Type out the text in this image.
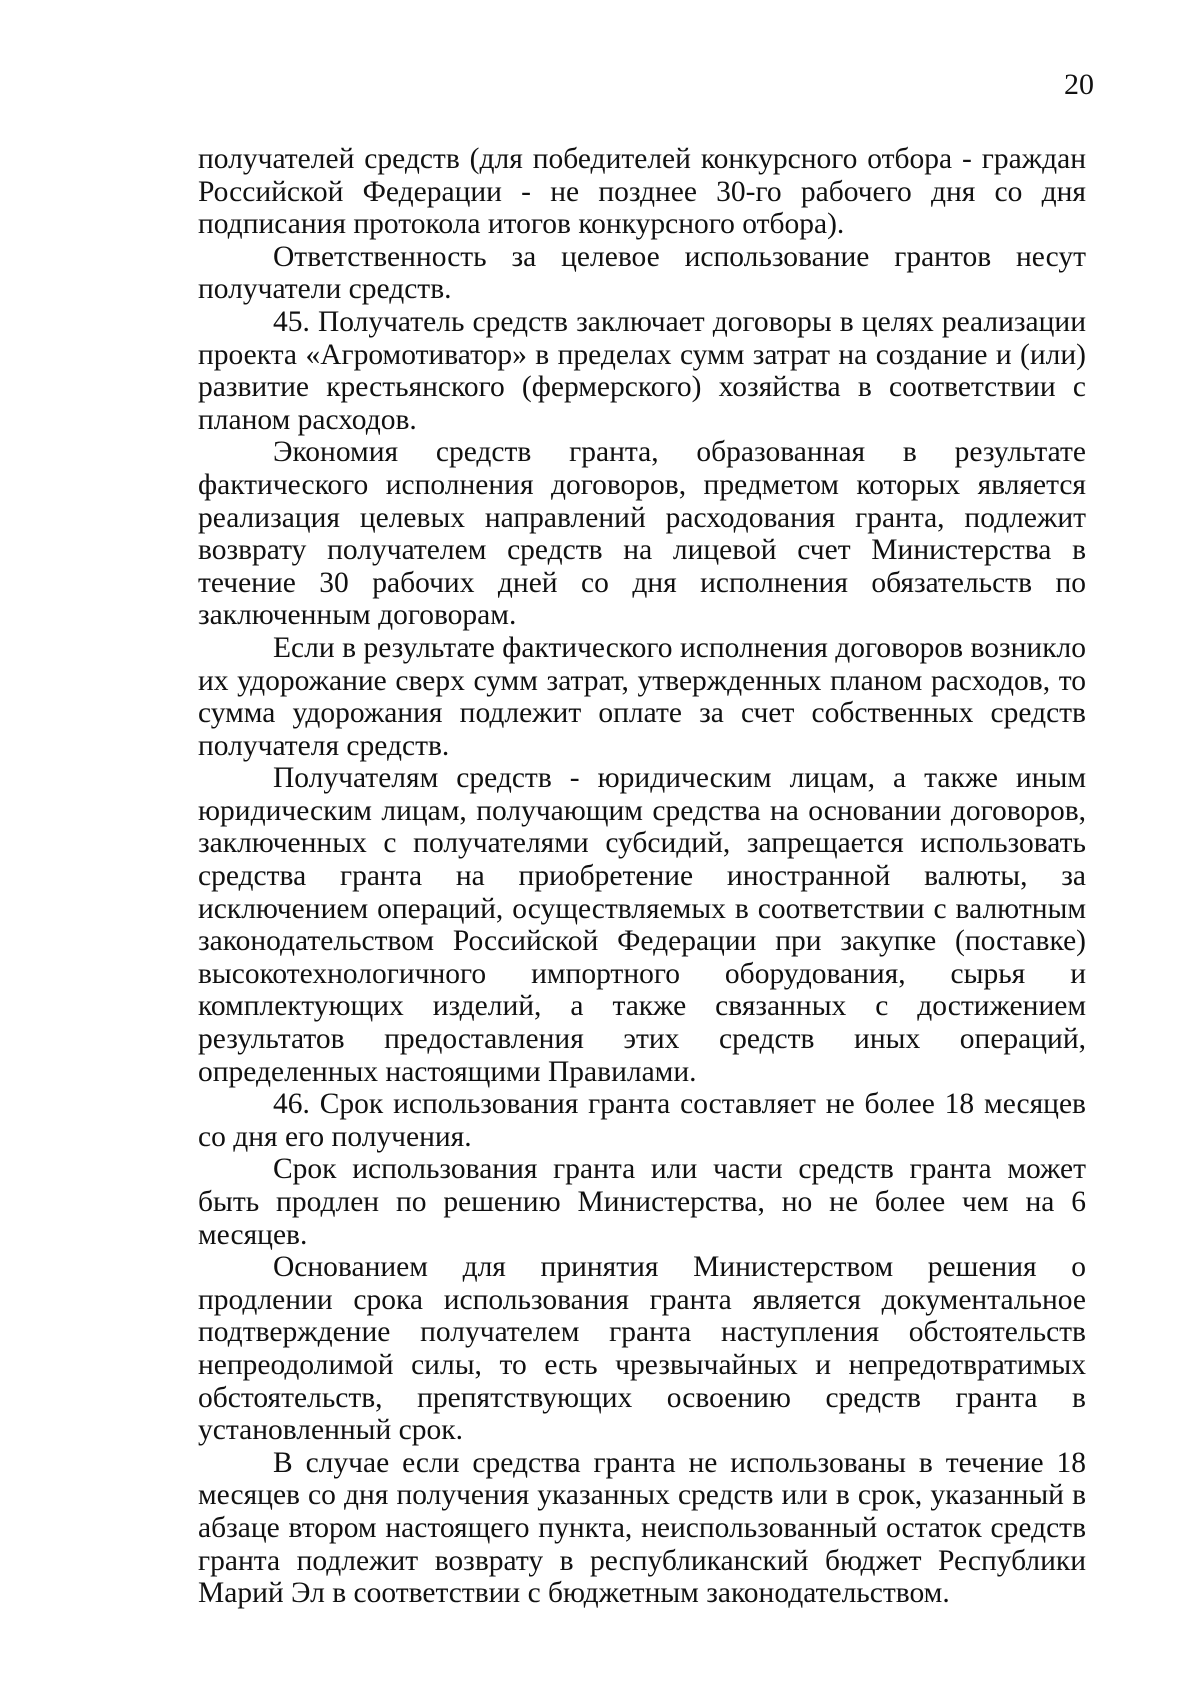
20

получателей средств (для победителей конкурсного отбора - граждан Российской Федерации - не позднее 30-го рабочего дня со дня подписания протокола итогов конкурсного отбора).

Ответственность за целевое использование грантов несут получатели средств.

45. Получатель средств заключает договоры в целях реализации проекта «Агромотиватор» в пределах сумм затрат на создание и (или) развитие крестьянского (фермерского) хозяйства в соответствии с планом расходов.

Экономия средств гранта, образованная в результате фактического исполнения договоров, предметом которых является реализация целевых направлений расходования гранта, подлежит возврату получателем средств на лицевой счет Министерства в течение 30 рабочих дней со дня исполнения обязательств по заключенным договорам.

Если в результате фактического исполнения договоров возникло их удорожание сверх сумм затрат, утвержденных планом расходов, то сумма удорожания подлежит оплате за счет собственных средств получателя средств.

Получателям средств - юридическим лицам, а также иным юридическим лицам, получающим средства на основании договоров, заключенных с получателями субсидий, запрещается использовать средства гранта на приобретение иностранной валюты, за исключением операций, осуществляемых в соответствии с валютным законодательством Российской Федерации при закупке (поставке) высокотехнологичного импортного оборудования, сырья и комплектующих изделий, а также связанных с достижением результатов предоставления этих средств иных операций, определенных настоящими Правилами.

46. Срок использования гранта составляет не более 18 месяцев со дня его получения.

Срок использования гранта или части средств гранта может быть продлен по решению Министерства, но не более чем на 6 месяцев.

Основанием для принятия Министерством решения о продлении срока использования гранта является документальное подтверждение получателем гранта наступления обстоятельств непреодолимой силы, то есть чрезвычайных и непредотвратимых обстоятельств, препятствующих освоению средств гранта в установленный срок.

В случае если средства гранта не использованы в течение 18 месяцев со дня получения указанных средств или в срок, указанный в абзаце втором настоящего пункта, неиспользованный остаток средств гранта подлежит возврату в республиканский бюджет Республики Марий Эл в соответствии с бюджетным законодательством.
